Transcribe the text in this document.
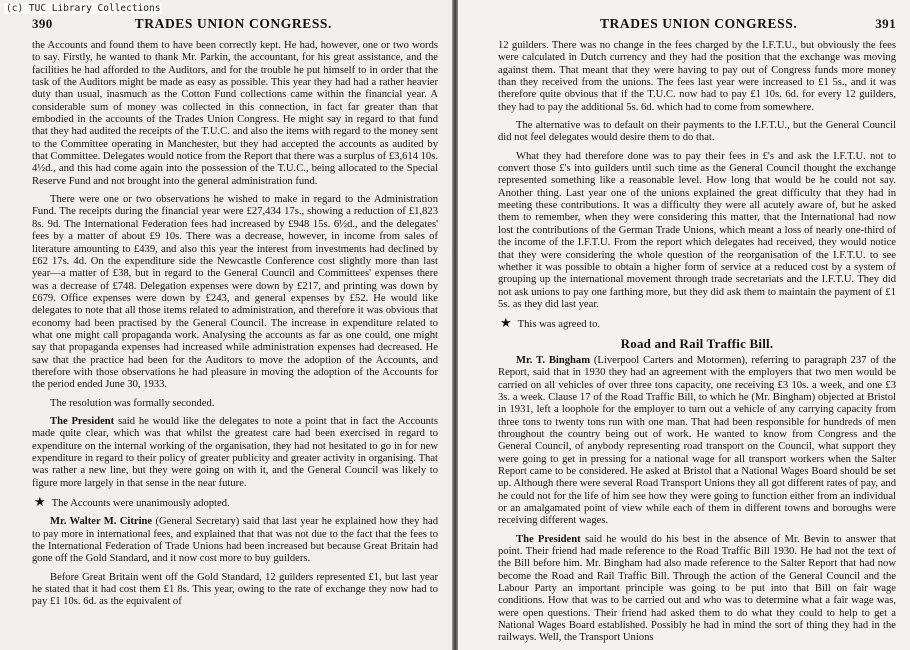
(c) TUC Library Collections
390	TRADES UNION CONGRESS.

the Accounts and found them to have been correctly kept. He had, however, one or two words to say. Firstly, he wanted to thank Mr. Parkin, the accountant, for his great assistance, and the facilities he had afforded to the Auditors, and for the trouble he put himself to in order that the task of the Auditors might be made as easy as possible. This year they had had a rather heavier duty than usual, inasmuch as the Cotton Fund collections came within the financial year. A considerable sum of money was collected in this connection, in fact far greater than that embodied in the accounts of the Trades Union Congress. He might say in regard to that fund that they had audited the receipts of the T.U.C. and also the items with regard to the money sent to the Committee operating in Manchester, but they had accepted the accounts as audited by that Committee. Delegates would notice from the Report that there was a surplus of £3,614 10s. 4½d., and this had come again into the possession of the T.U.C., being allocated to the Special Reserve Fund and not brought into the general administration fund.

There were one or two observations he wished to make in regard to the Administration Fund. The receipts during the financial year were £27,434 17s., showing a reduction of £1,823 8s. 9d. The International Federation fees had increased by £948 15s. 6½d., and the delegates' fees by a matter of about £9 10s. There was a decrease, however, in income from sales of literature amounting to £439, and also this year the interest from investments had declined by £62 17s. 4d. On the expenditure side the Newcastle Conference cost slightly more than last year—a matter of £38, but in regard to the General Council and Committees' expenses there was a decrease of £748. Delegation expenses were down by £217, and printing was down by £679. Office expenses were down by £243, and general expenses by £52. He would like delegates to note that all those items related to administration, and therefore it was obvious that economy had been practised by the General Council. The increase in expenditure related to what one might call propaganda work. Analysing the accounts as far as one could, one might say that propaganda expenses had increased while administration expenses had decreased. He saw that the practice had been for the Auditors to move the adoption of the Accounts, and therefore with those observations he had pleasure in moving the adoption of the Accounts for the period ended June 30, 1933.

The resolution was formally seconded.

The President said he would like the delegates to note a point that in fact the Accounts made quite clear, which was that whilst the greatest care had been exercised in regard to expenditure on the internal working of the organisation, they had not hesitated to go in for new expenditure in regard to their policy of greater publicity and greater activity in organising. That was rather a new line, but they were going on with it, and the General Council was likely to figure more largely in that sense in the near future.

★ The Accounts were unanimously adopted.

Mr. Walter M. Citrine (General Secretary) said that last year he explained how they had to pay more in international fees, and explained that that was not due to the fact that the fees to the International Federation of Trade Unions had been increased but because Great Britain had gone off the Gold Standard, and it now cost more to buy guilders.

Before Great Britain went off the Gold Standard, 12 guilders represented £1, but last year he stated that it had cost them £1 8s. This year, owing to the rate of exchange they now had to pay £1 10s. 6d. as the equivalent of

TRADES UNION CONGRESS.	391

12 guilders. There was no change in the fees charged by the I.F.T.U., but obviously the fees were calculated in Dutch currency and they had the position that the exchange was moving against them. That meant that they were having to pay out of Congress funds more money than they received from the unions. The fees last year were increased to £1 5s., and it was therefore quite obvious that if the T.U.C. now had to pay £1 10s. 6d. for every 12 guilders, they had to pay the additional 5s. 6d. which had to come from somewhere.

The alternative was to default on their payments to the I.F.T.U., but the General Council did not feel delegates would desire them to do that.

What they had therefore done was to pay their fees in £'s and ask the I.F.T.U. not to convert those £'s into guilders until such time as the General Council thought the exchange represented something like a reasonable level. How long that would be he could not say. Another thing. Last year one of the unions explained the great difficulty that they had in meeting these contributions. It was a difficulty they were all acutely aware of, but he asked them to remember, when they were considering this matter, that the International had now lost the contributions of the German Trade Unions, which meant a loss of nearly one-third of the income of the I.F.T.U. From the report which delegates had received, they would notice that they were considering the whole question of the reorganisation of the I.F.T.U. to see whether it was possible to obtain a higher form of service at a reduced cost by a system of grouping up the international movement through trade secretariats and the I.F.T.U. They did not ask unions to pay one farthing more, but they did ask them to maintain the payment of £1 5s. as they did last year.

★ This was agreed to.

Road and Rail Traffic Bill.

Mr. T. Bingham (Liverpool Carters and Motormen), referring to paragraph 237 of the Report, said that in 1930 they had an agreement with the employers that two men would be carried on all vehicles of over three tons capacity, one receiving £3 10s. a week, and one £3 3s. a week. Clause 17 of the Road Traffic Bill, to which he (Mr. Bingham) objected at Bristol in 1931, left a loophole for the employer to turn out a vehicle of any carrying capacity from three tons to twenty tons run with one man. That had been responsible for hundreds of men throughout the country being out of work. He wanted to know from Congress and the General Council, of anybody representing road transport on the Council, what support they were going to get in pressing for a national wage for all transport workers when the Salter Report came to be considered. He asked at Bristol that a National Wages Board should be set up. Although there were several Road Transport Unions they all got different rates of pay, and he could not for the life of him see how they were going to function either from an individual or an amalgamated point of view while each of them in different towns and boroughs were receiving different wages.

The President said he would do his best in the absence of Mr. Bevin to answer that point. Their friend had made reference to the Road Traffic Bill 1930. He had not the text of the Bill before him. Mr. Bingham had also made reference to the Salter Report that had now become the Road and Rail Traffic Bill. Through the action of the General Council and the Labour Party an important principle was going to be put into that Bill on fair wage conditions. How that was to be carried out and who was to determine what a fair wage was, were open questions. Their friend had asked them to do what they could to help to get a National Wages Board established. Possibly he had in mind the sort of thing they had in the railways. Well, the Transport Unions
